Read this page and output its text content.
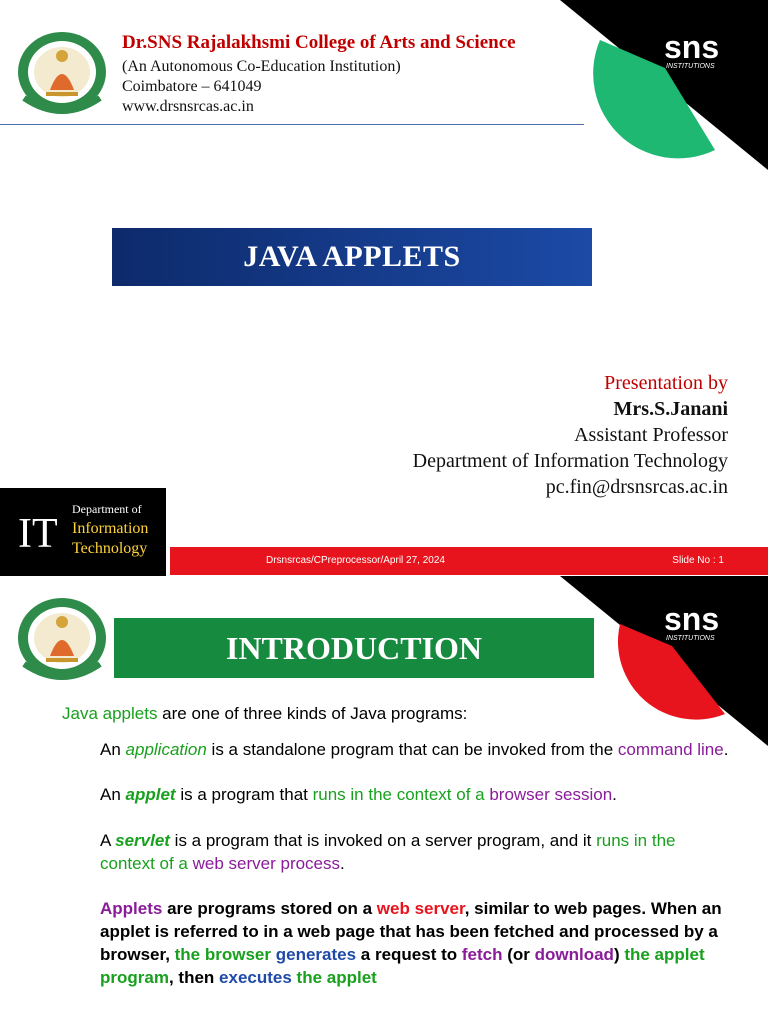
Dr.SNS Rajalakhsmi College of Arts and Science
(An Autonomous Co-Education Institution)
Coimbatore – 641049
www.drsnsrcas.ac.in
sns
INSTITUTIONS
JAVA APPLETS
Presentation by
Mrs.S.Janani
Assistant Professor
Department of Information Technology
pc.fin@drsnsrcas.ac.in
IT
Department of
Information
Technology
Drsnsrcas/CPreprocessor/April 27, 2024	Slide No : 1
sns
INSTITUTIONS
INTRODUCTION

Java applets are one of three kinds of Java programs:

An application is a standalone program that can be invoked from the command line.

An applet is a program that runs in the context of a browser session.

A servlet is a program that is invoked on a server program, and it runs in the context of a web server process.

Applets are programs stored on a web server, similar to web pages. When an applet is referred to in a web page that has been fetched and processed by a browser, the browser generates a request to fetch (or download) the applet program, then executes the applet
